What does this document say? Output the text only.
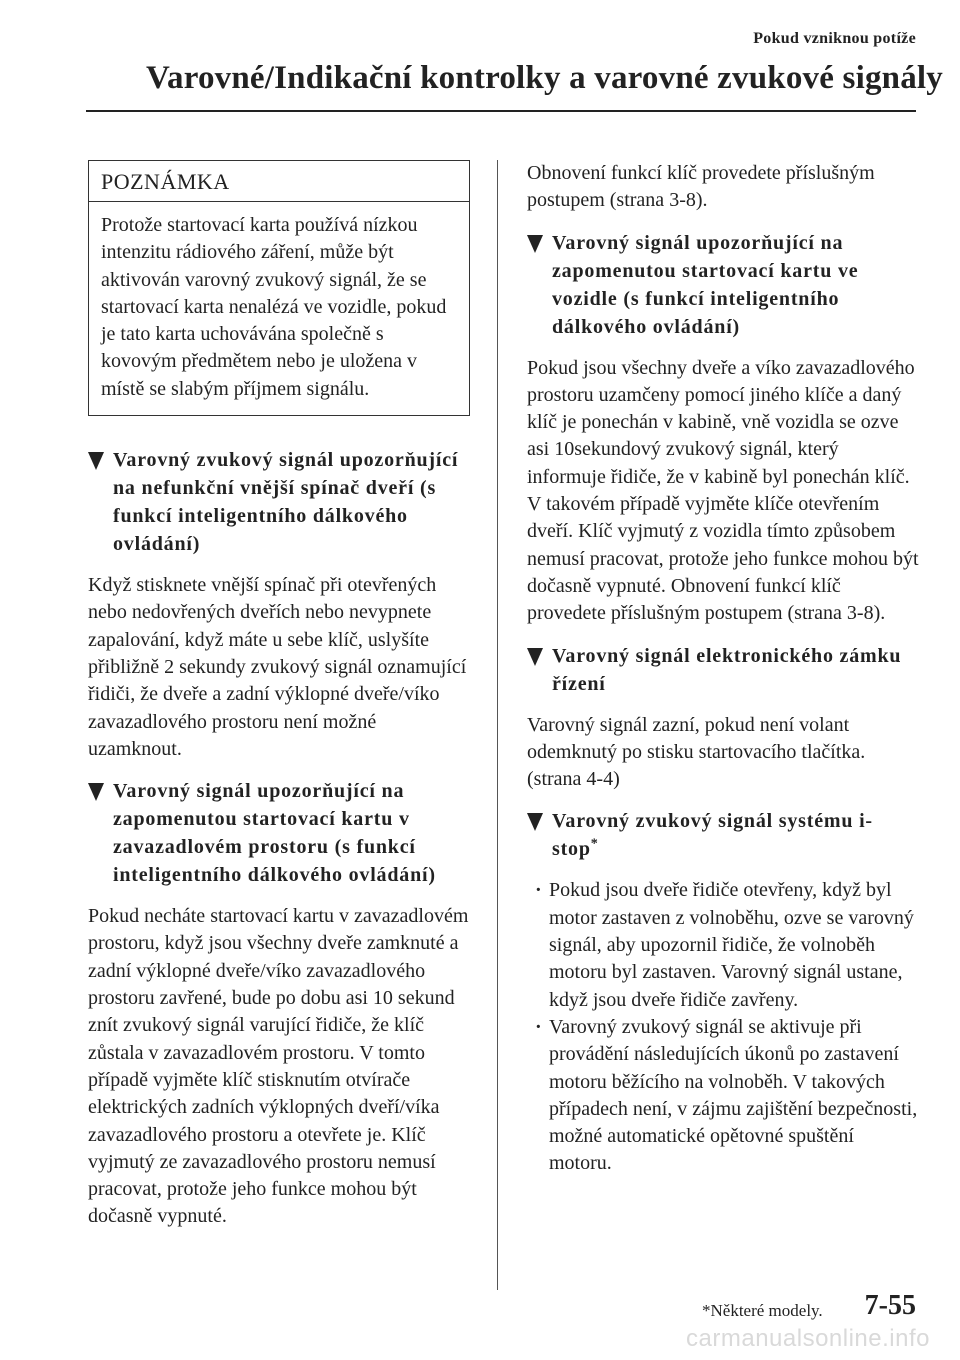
Pokud vzniknou potíže
Varovné/Indikační kontrolky a varovné zvukové signály
POZNÁMKA
Protože startovací karta používá nízkou intenzitu rádiového záření, může být aktivován varovný zvukový signál, že se startovací karta nenalézá ve vozidle, pokud je tato karta uchovávána společně s kovovým předmětem nebo je uložena v místě se slabým příjmem signálu.
Varovný zvukový signál upozorňující na nefunkční vnější spínač dveří (s funkcí inteligentního dálkového ovládání)

Když stisknete vnější spínač při otevřených nebo nedovřených dveřích nebo nevypnete zapalování, když máte u sebe klíč, uslyšíte přibližně 2 sekundy zvukový signál oznamující řidiči, že dveře a zadní výklopné dveře/víko zavazadlového prostoru není možné uzamknout.

Varovný signál upozorňující na zapomenutou startovací kartu v zavazadlovém prostoru (s funkcí inteligentního dálkového ovládání)

Pokud necháte startovací kartu v zavazadlovém prostoru, když jsou všechny dveře zamknuté a zadní výklopné dveře/víko zavazadlového prostoru zavřené, bude po dobu asi 10 sekund znít zvukový signál varující řidiče, že klíč zůstala v zavazadlovém prostoru. V tomto případě vyjměte klíč stisknutím otvírače elektrických zadních výklopných dveří/víka zavazadlového prostoru a otevřete je. Klíč vyjmutý ze zavazadlového prostoru nemusí pracovat, protože jeho funkce mohou být dočasně vypnuté.

Obnovení funkcí klíč provedete příslušným postupem (strana 3-8).

Varovný signál upozorňující na zapomenutou startovací kartu ve vozidle (s funkcí inteligentního dálkového ovládání)

Pokud jsou všechny dveře a víko zavazadlového prostoru uzamčeny pomocí jiného klíče a daný klíč je ponechán v kabině, vně vozidla se ozve asi 10sekundový zvukový signál, který informuje řidiče, že v kabině byl ponechán klíč. V takovém případě vyjměte klíče otevřením dveří. Klíč vyjmutý z vozidla tímto způsobem nemusí pracovat, protože jeho funkce mohou být dočasně vypnuté. Obnovení funkcí klíč provedete příslušným postupem (strana 3-8).

Varovný signál elektronického zámku řízení

Varovný signál zazní, pokud není volant odemknutý po stisku startovacího tlačítka. (strana 4-4)

Varovný zvukový signál systému i-stop*
· Pokud jsou dveře řidiče otevřeny, když byl motor zastaven z volnoběhu, ozve se varovný signál, aby upozornil řidiče, že volnoběh motoru byl zastaven. Varovný signál ustane, když jsou dveře řidiče zavřeny.
· Varovný zvukový signál se aktivuje při provádění následujících úkonů po zastavení motoru běžícího na volnoběh. V takových případech není, v zájmu zajištění bezpečnosti, možné automatické opětovné spuštění motoru.
*Některé modely. 7-55
carmanualsonline.info
